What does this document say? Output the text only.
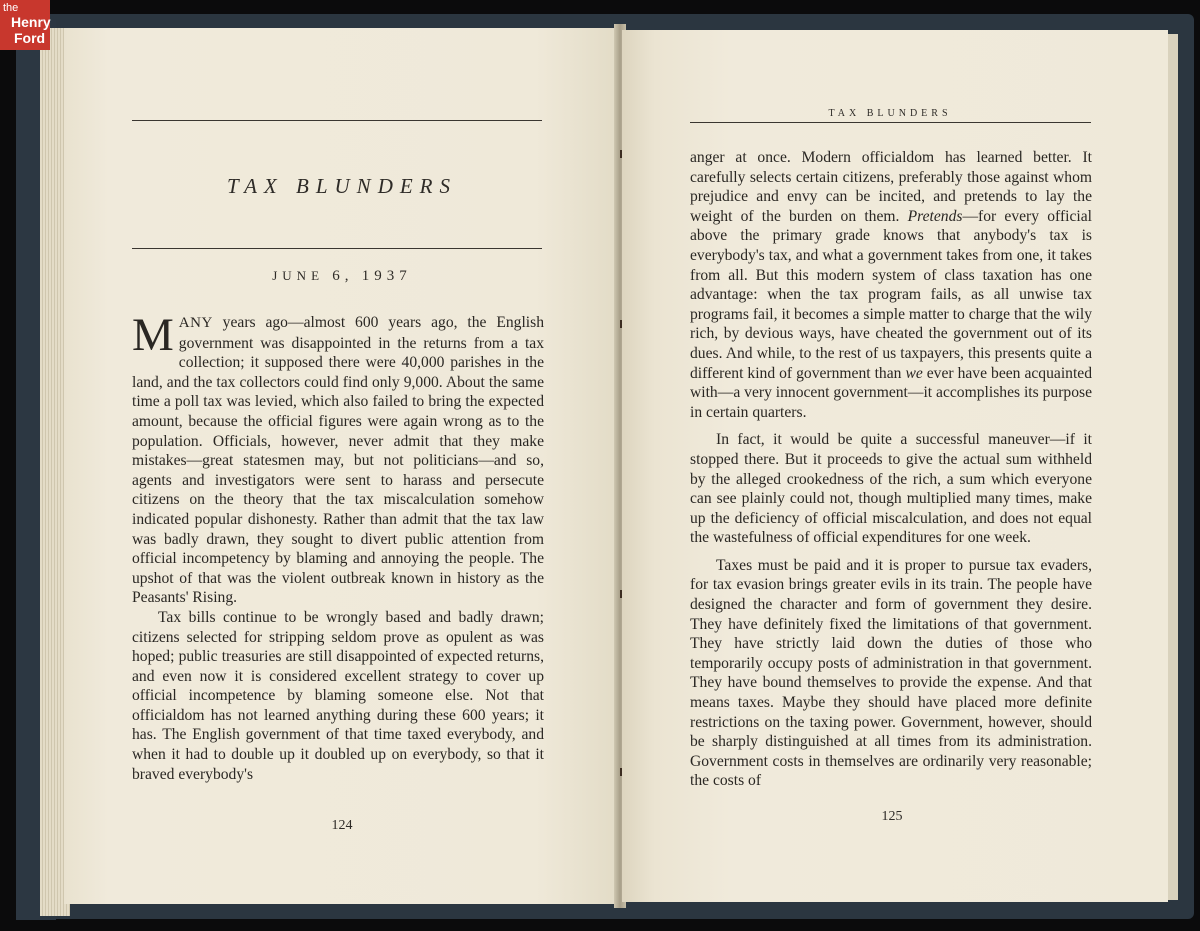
the
Henry
Ford
TAX BLUNDERS
JUNE 6, 1937

MANY years ago—almost 600 years ago, the English government was disappointed in the returns from a tax collection; it supposed there were 40,000 parishes in the land, and the tax collectors could find only 9,000. About the same time a poll tax was levied, which also failed to bring the expected amount, because the official figures were again wrong as to the population. Officials, however, never admit that they make mistakes—great statesmen may, but not politicians—and so, agents and investigators were sent to harass and persecute citizens on the theory that the tax miscalculation somehow indicated popular dishonesty. Rather than admit that the tax law was badly drawn, they sought to divert public attention from official incompetency by blaming and annoying the people. The upshot of that was the violent outbreak known in history as the Peasants' Rising.

Tax bills continue to be wrongly based and badly drawn; citizens selected for stripping seldom prove as opulent as was hoped; public treasuries are still disappointed of expected returns, and even now it is considered excellent strategy to cover up official incompetence by blaming someone else. Not that officialdom has not learned anything during these 600 years; it has. The English government of that time taxed everybody, and when it had to double up it doubled up on everybody, so that it braved everybody's

124
TAX BLUNDERS

anger at once. Modern officialdom has learned better. It carefully selects certain citizens, preferably those against whom prejudice and envy can be incited, and pretends to lay the weight of the burden on them. Pretends—for every official above the primary grade knows that anybody's tax is everybody's tax, and what a government takes from one, it takes from all. But this modern system of class taxation has one advantage: when the tax program fails, as all unwise tax programs fail, it becomes a simple matter to charge that the wily rich, by devious ways, have cheated the government out of its dues. And while, to the rest of us taxpayers, this presents quite a different kind of government than we ever have been acquainted with—a very innocent government—it accomplishes its purpose in certain quarters.

In fact, it would be quite a successful maneuver—if it stopped there. But it proceeds to give the actual sum withheld by the alleged crookedness of the rich, a sum which everyone can see plainly could not, though multiplied many times, make up the deficiency of official miscalculation, and does not equal the wastefulness of official expenditures for one week.

Taxes must be paid and it is proper to pursue tax evaders, for tax evasion brings greater evils in its train. The people have designed the character and form of government they desire. They have definitely fixed the limitations of that government. They have strictly laid down the duties of those who temporarily occupy posts of administration in that government. They have bound themselves to provide the expense. And that means taxes. Maybe they should have placed more definite restrictions on the taxing power. Government, however, should be sharply distinguished at all times from its administration. Government costs in themselves are ordinarily very reasonable; the costs of

125
